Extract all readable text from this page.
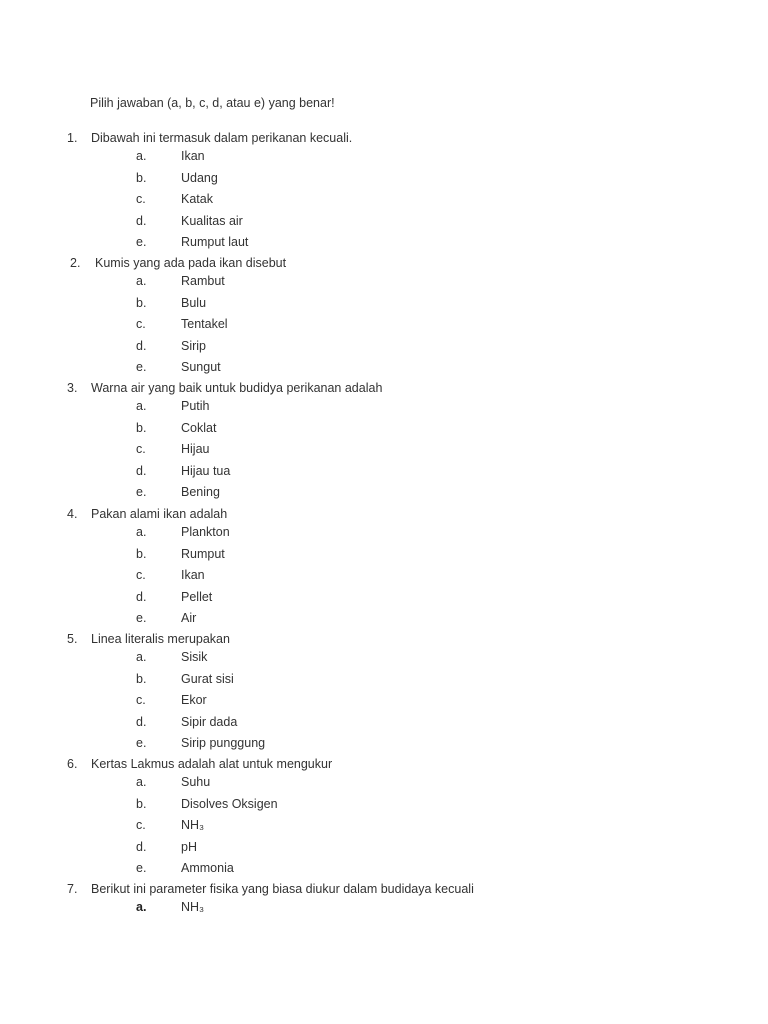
Pilih jawaban (a, b, c, d, atau e) yang benar!
1. Dibawah ini termasuk dalam perikanan kecuali.
a.	Ikan
b.	Udang
c.	Katak
d.	Kualitas air
e.	Rumput laut
2. Kumis yang ada pada ikan disebut
a.	Rambut
b.	Bulu
c.	Tentakel
d.	Sirip
e.	Sungut
3. Warna air yang baik untuk budidya perikanan adalah
a.	Putih
b.	Coklat
c.	Hijau
d.	Hijau tua
e.	Bening
4. Pakan alami ikan adalah
a.	Plankton
b.	Rumput
c.	Ikan
d.	Pellet
e.	Air
5. Linea literalis merupakan
a.	Sisik
b.	Gurat sisi
c.	Ekor
d.	Sipir dada
e.	Sirip punggung
6. Kertas Lakmus adalah alat untuk mengukur
a.	Suhu
b.	Disolves Oksigen
c.	NH₃
d.	pH
e.	Ammonia
7. Berikut ini parameter fisika yang biasa diukur dalam budidaya kecuali
a.	NH₃
